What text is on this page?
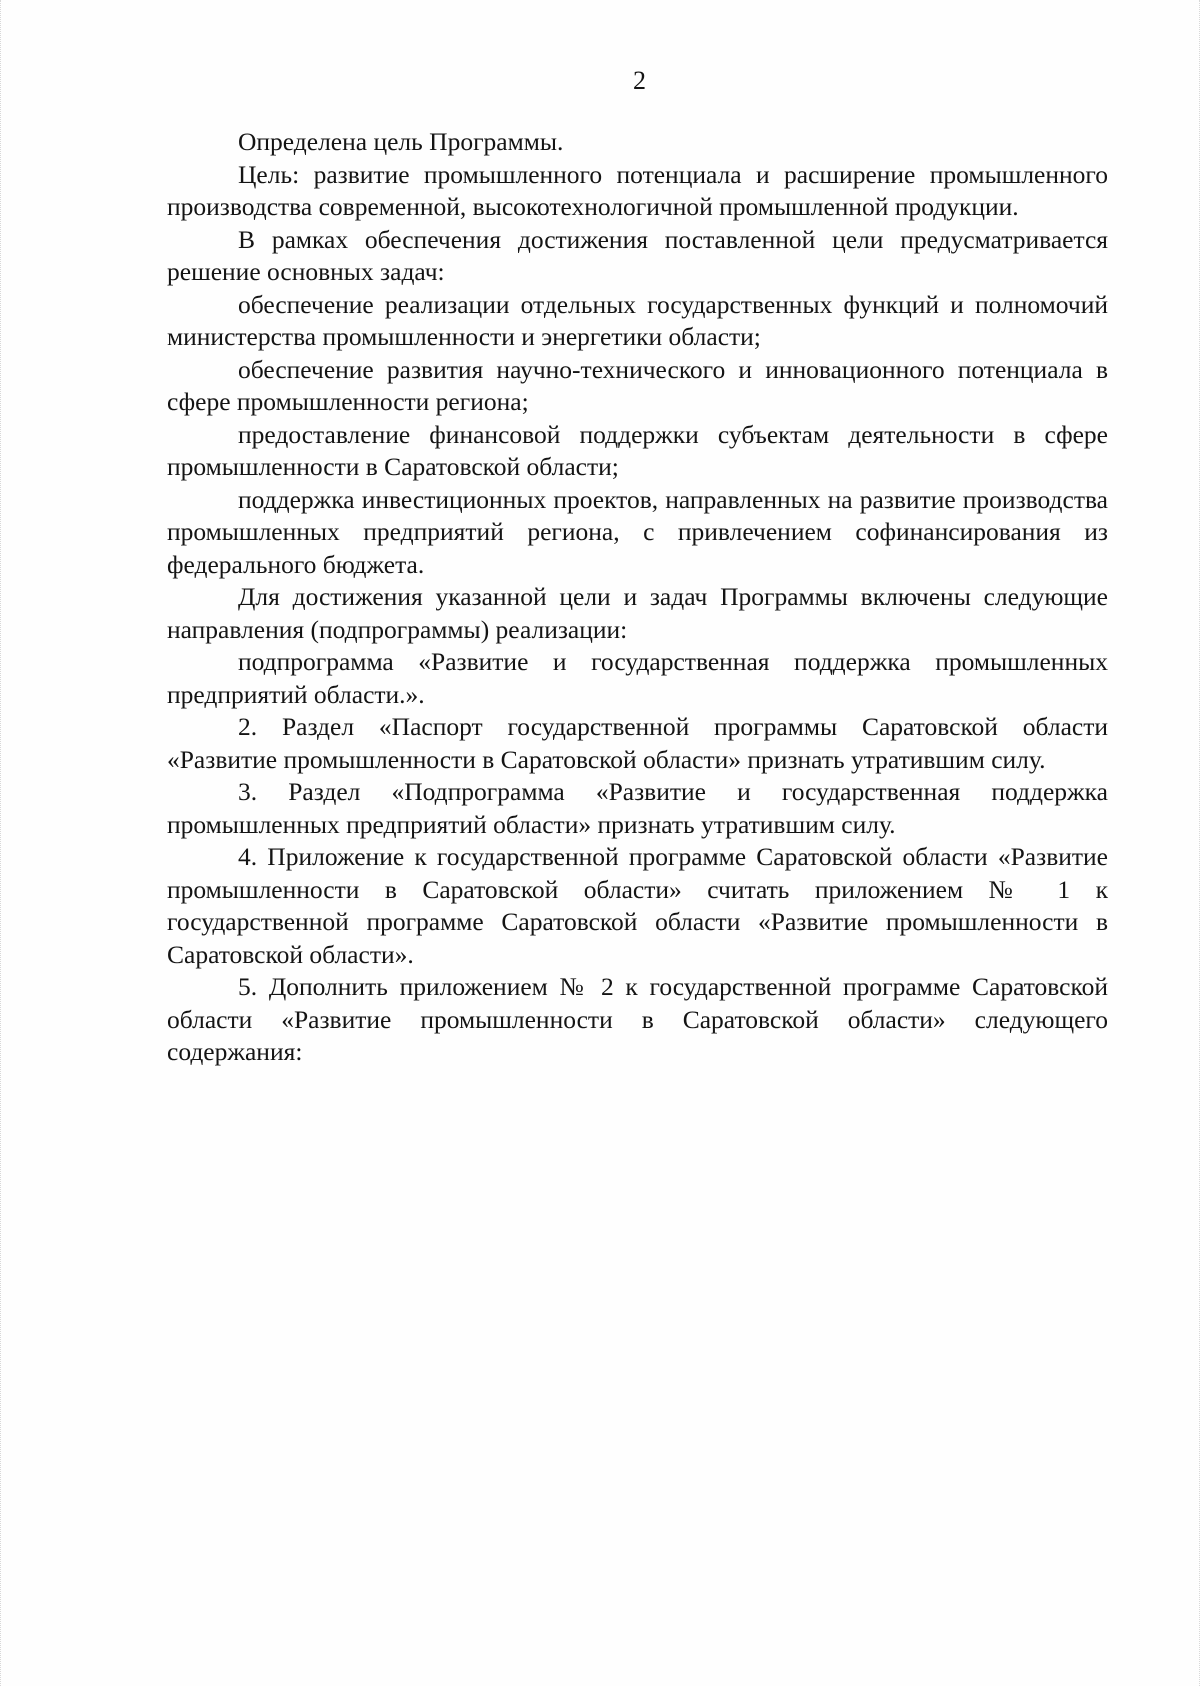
2

Определена цель Программы.

Цель: развитие промышленного потенциала и расширение промышленного производства современной, высокотехнологичной промышленной продукции.

В рамках обеспечения достижения поставленной цели предусматривается решение основных задач:

обеспечение реализации отдельных государственных функций и полномочий министерства промышленности и энергетики области;

обеспечение развития научно-технического и инновационного потенциала в сфере промышленности региона;

предоставление финансовой поддержки субъектам деятельности в сфере промышленности в Саратовской области;

поддержка инвестиционных проектов, направленных на развитие производства промышленных предприятий региона, с привлечением софинансирования из федерального бюджета.

Для достижения указанной цели и задач Программы включены следующие направления (подпрограммы) реализации:

подпрограмма «Развитие и государственная поддержка промышленных предприятий области.».

2. Раздел «Паспорт государственной программы Саратовской области «Развитие промышленности в Саратовской области» признать утратившим силу.

3. Раздел «Подпрограмма «Развитие и государственная поддержка промышленных предприятий области» признать утратившим силу.

4. Приложение к государственной программе Саратовской области «Развитие промышленности в Саратовской области» считать приложением № 1 к государственной программе Саратовской области «Развитие промышленности в Саратовской области».

5. Дополнить приложением № 2 к государственной программе Саратовской области «Развитие промышленности в Саратовской области» следующего содержания:
